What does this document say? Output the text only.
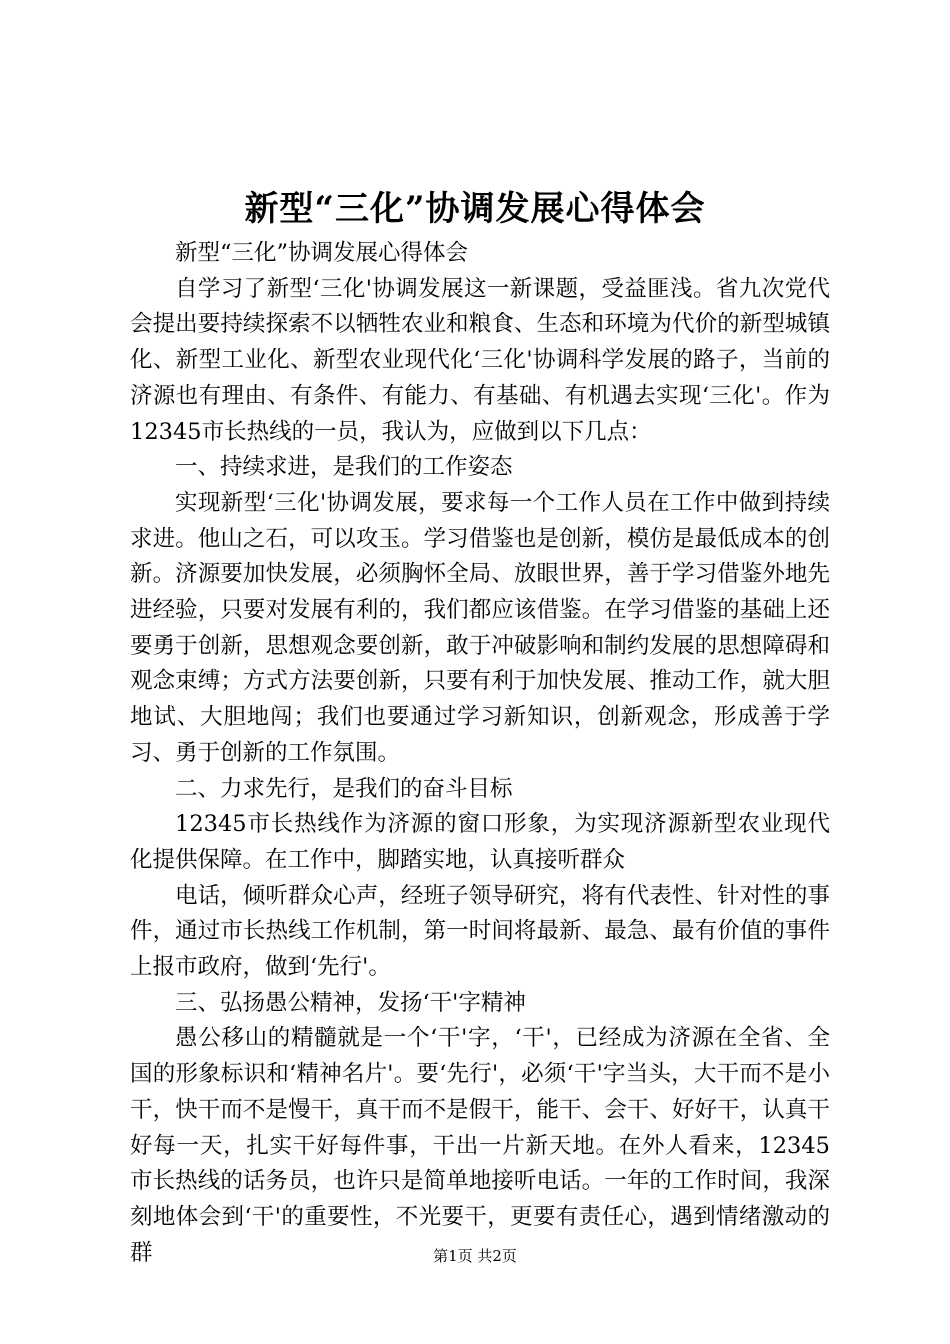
新型“三化”协调发展心得体会

新型“三化”协调发展心得体会

自学习了新型‘三化'协调发展这一新课题，受益匪浅。省九次党代会提出要持续探索不以牺牲农业和粮食、生态和环境为代价的新型城镇化、新型工业化、新型农业现代化‘三化'协调科学发展的路子，当前的济源也有理由、有条件、有能力、有基础、有机遇去实现‘三化'。作为12345市长热线的一员，我认为，应做到以下几点：

一、持续求进，是我们的工作姿态

实现新型‘三化'协调发展，要求每一个工作人员在工作中做到持续求进。他山之石，可以攻玉。学习借鉴也是创新，模仿是最低成本的创新。济源要加快发展，必须胸怀全局、放眼世界，善于学习借鉴外地先进经验，只要对发展有利的，我们都应该借鉴。在学习借鉴的基础上还要勇于创新，思想观念要创新，敢于冲破影响和制约发展的思想障碍和观念束缚；方式方法要创新，只要有利于加快发展、推动工作，就大胆地试、大胆地闯；我们也要通过学习新知识，创新观念，形成善于学习、勇于创新的工作氛围。

二、力求先行，是我们的奋斗目标

12345市长热线作为济源的窗口形象，为实现济源新型农业现代化提供保障。在工作中，脚踏实地，认真接听群众

电话，倾听群众心声，经班子领导研究，将有代表性、针对性的事件，通过市长热线工作机制，第一时间将最新、最急、最有价值的事件上报市政府，做到‘先行'。

三、弘扬愚公精神，发扬‘干'字精神

愚公移山的精髓就是一个‘干'字，‘干'，已经成为济源在全省、全国的形象标识和‘精神名片'。要‘先行'，必须‘干'字当头，大干而不是小干，快干而不是慢干，真干而不是假干，能干、会干、好好干，认真干好每一天，扎实干好每件事，干出一片新天地。在外人看来，12345市长热线的话务员，也许只是简单地接听电话。一年的工作时间，我深刻地体会到‘干'的重要性，不光要干，更要有责任心，遇到情绪激动的群	第1页 共2页
